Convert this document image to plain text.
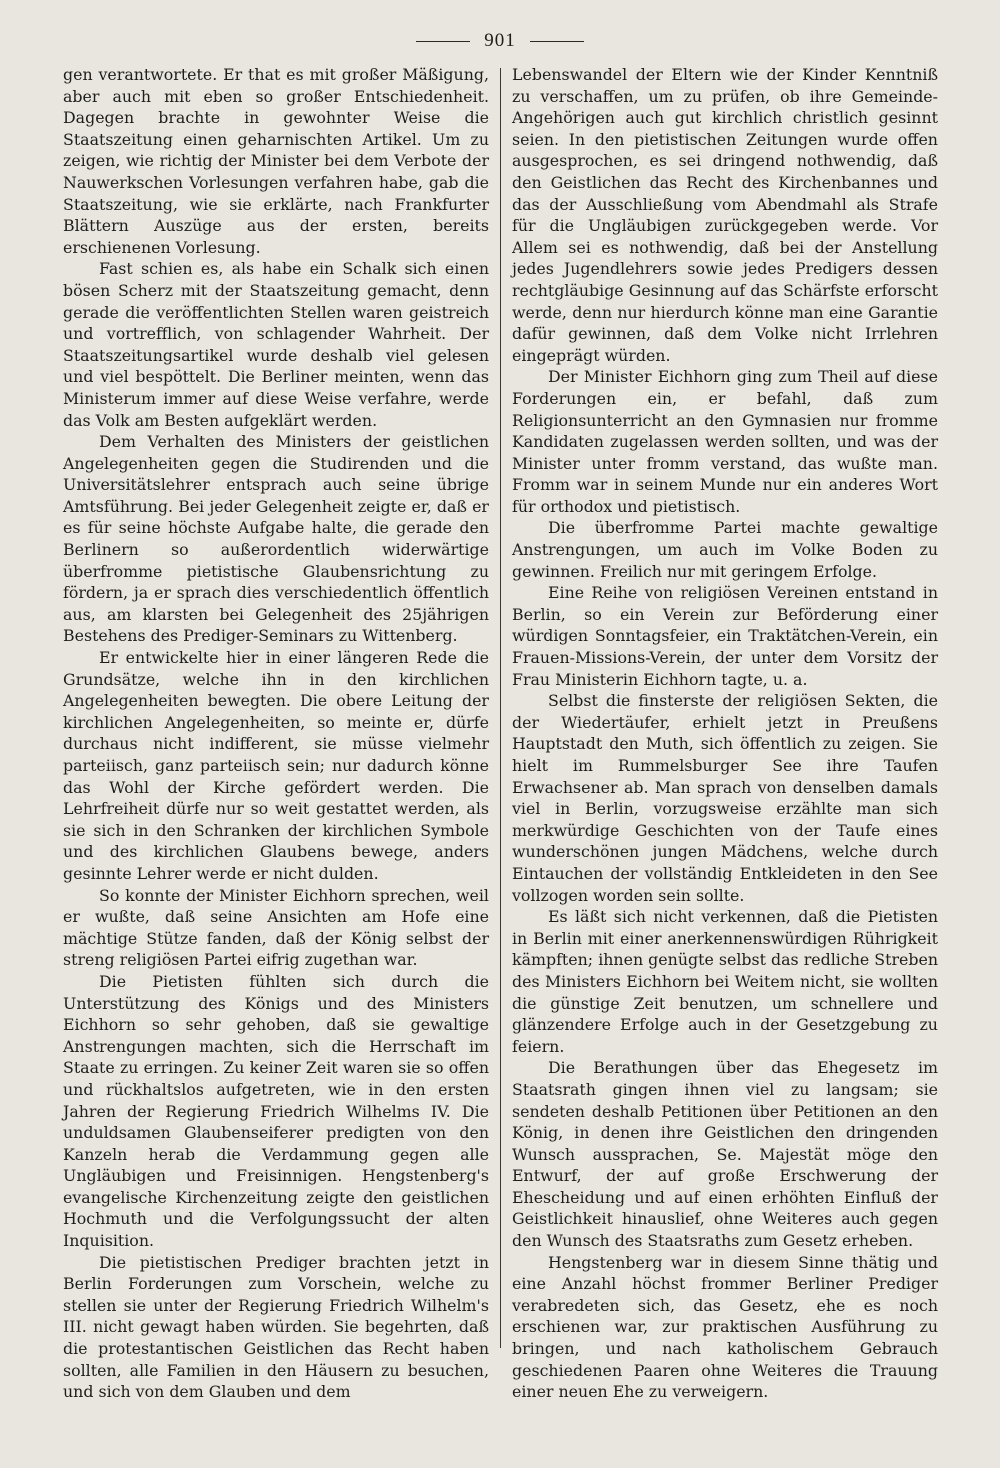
901

gen verantwortete. Er that es mit großer Mäßigung, aber auch mit eben so großer Entschiedenheit. Dagegen brachte in gewohnter Weise die Staatszeitung einen geharnischten Artikel. Um zu zeigen, wie richtig der Minister bei dem Verbote der Nauwerkschen Vorlesungen verfahren habe, gab die Staatszeitung, wie sie erklärte, nach Frankfurter Blättern Auszüge aus der ersten, bereits erschienenen Vorlesung.

Fast schien es, als habe ein Schalk sich einen bösen Scherz mit der Staatszeitung gemacht, denn gerade die veröffentlichten Stellen waren geistreich und vortrefflich, von schlagender Wahrheit. Der Staatszeitungsartikel wurde deshalb viel gelesen und viel bespöttelt. Die Berliner meinten, wenn das Ministerum immer auf diese Weise verfahre, werde das Volk am Besten aufgeklärt werden.

Dem Verhalten des Ministers der geistlichen Angelegenheiten gegen die Studirenden und die Universitätslehrer entsprach auch seine übrige Amtsführung. Bei jeder Gelegenheit zeigte er, daß er es für seine höchste Aufgabe halte, die gerade den Berlinern so außerordentlich widerwärtige überfromme pietistische Glaubensrichtung zu fördern, ja er sprach dies verschiedentlich öffentlich aus, am klarsten bei Gelegenheit des 25jährigen Bestehens des Prediger-Seminars zu Wittenberg.

Er entwickelte hier in einer längeren Rede die Grundsätze, welche ihn in den kirchlichen Angelegenheiten bewegten. Die obere Leitung der kirchlichen Angelegenheiten, so meinte er, dürfe durchaus nicht indifferent, sie müsse vielmehr parteiisch, ganz parteiisch sein; nur dadurch könne das Wohl der Kirche gefördert werden. Die Lehrfreiheit dürfe nur so weit gestattet werden, als sie sich in den Schranken der kirchlichen Symbole und des kirchlichen Glaubens bewege, anders gesinnte Lehrer werde er nicht dulden.

So konnte der Minister Eichhorn sprechen, weil er wußte, daß seine Ansichten am Hofe eine mächtige Stütze fanden, daß der König selbst der streng religiösen Partei eifrig zugethan war.

Die Pietisten fühlten sich durch die Unterstützung des Königs und des Ministers Eichhorn so sehr gehoben, daß sie gewaltige Anstrengungen machten, sich die Herrschaft im Staate zu erringen. Zu keiner Zeit waren sie so offen und rückhaltslos aufgetreten, wie in den ersten Jahren der Regierung Friedrich Wilhelms IV. Die unduldsamen Glaubenseiferer predigten von den Kanzeln herab die Verdammung gegen alle Ungläubigen und Freisinnigen. Hengstenberg's evangelische Kirchenzeitung zeigte den geistlichen Hochmuth und die Verfolgungssucht der alten Inquisition.

Die pietistischen Prediger brachten jetzt in Berlin Forderungen zum Vorschein, welche zu stellen sie unter der Regierung Friedrich Wilhelm's III. nicht gewagt haben würden. Sie begehrten, daß die protestantischen Geistlichen das Recht haben sollten, alle Familien in den Häusern zu besuchen, und sich von dem Glauben und dem

Lebenswandel der Eltern wie der Kinder Kenntniß zu verschaffen, um zu prüfen, ob ihre Gemeinde-Angehörigen auch gut kirchlich christlich gesinnt seien. In den pietistischen Zeitungen wurde offen ausgesprochen, es sei dringend nothwendig, daß den Geistlichen das Recht des Kirchenbannes und das der Ausschließung vom Abendmahl als Strafe für die Ungläubigen zurückgegeben werde. Vor Allem sei es nothwendig, daß bei der Anstellung jedes Jugendlehrers sowie jedes Predigers dessen rechtgläubige Gesinnung auf das Schärfste erforscht werde, denn nur hierdurch könne man eine Garantie dafür gewinnen, daß dem Volke nicht Irrlehren eingeprägt würden.

Der Minister Eichhorn ging zum Theil auf diese Forderungen ein, er befahl, daß zum Religionsunterricht an den Gymnasien nur fromme Kandidaten zugelassen werden sollten, und was der Minister unter fromm verstand, das wußte man. Fromm war in seinem Munde nur ein anderes Wort für orthodox und pietistisch.

Die überfromme Partei machte gewaltige Anstrengungen, um auch im Volke Boden zu gewinnen. Freilich nur mit geringem Erfolge.

Eine Reihe von religiösen Vereinen entstand in Berlin, so ein Verein zur Beförderung einer würdigen Sonntagsfeier, ein Traktätchen-Verein, ein Frauen-Missions-Verein, der unter dem Vorsitz der Frau Ministerin Eichhorn tagte, u. a.

Selbst die finsterste der religiösen Sekten, die der Wiedertäufer, erhielt jetzt in Preußens Hauptstadt den Muth, sich öffentlich zu zeigen. Sie hielt im Rummelsburger See ihre Taufen Erwachsener ab. Man sprach von denselben damals viel in Berlin, vorzugsweise erzählte man sich merkwürdige Geschichten von der Taufe eines wunderschönen jungen Mädchens, welche durch Eintauchen der vollständig Entkleideten in den See vollzogen worden sein sollte.

Es läßt sich nicht verkennen, daß die Pietisten in Berlin mit einer anerkennenswürdigen Rührigkeit kämpften; ihnen genügte selbst das redliche Streben des Ministers Eichhorn bei Weitem nicht, sie wollten die günstige Zeit benutzen, um schnellere und glänzendere Erfolge auch in der Gesetzgebung zu feiern.

Die Berathungen über das Ehegesetz im Staatsrath gingen ihnen viel zu langsam; sie sendeten deshalb Petitionen über Petitionen an den König, in denen ihre Geistlichen den dringenden Wunsch aussprachen, Se. Majestät möge den Entwurf, der auf große Erschwerung der Ehescheidung und auf einen erhöhten Einfluß der Geistlichkeit hinauslief, ohne Weiteres auch gegen den Wunsch des Staatsraths zum Gesetz erheben.

Hengstenberg war in diesem Sinne thätig und eine Anzahl höchst frommer Berliner Prediger verabredeten sich, das Gesetz, ehe es noch erschienen war, zur praktischen Ausführung zu bringen, und nach katholischem Gebrauch geschiedenen Paaren ohne Weiteres die Trauung einer neuen Ehe zu verweigern.
